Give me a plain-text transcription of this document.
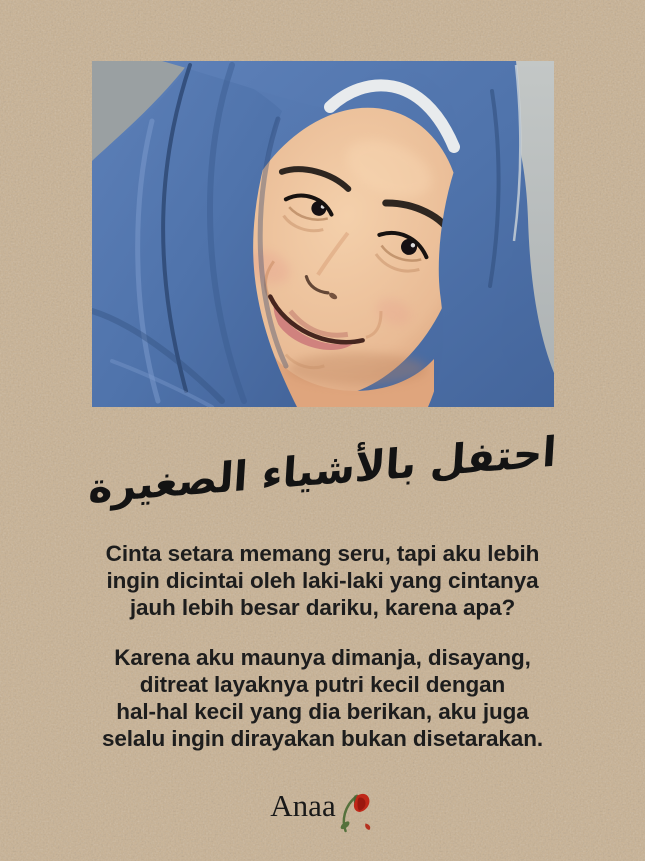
احتفل بالأشياء الصغيرة
Cinta setara memang seru, tapi aku lebih
ingin dicintai oleh laki-laki yang cintanya
jauh lebih besar dariku, karena apa?
Karena aku maunya dimanja, disayang,
ditreat layaknya putri kecil dengan
hal-hal kecil yang dia berikan, aku juga
selalu ingin dirayakan bukan disetarakan.
Anaa
